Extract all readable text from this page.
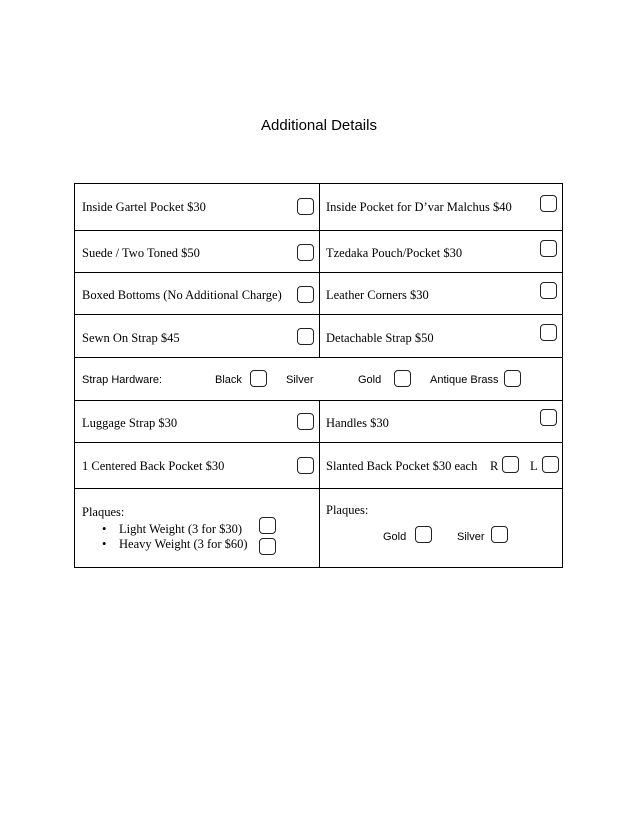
Additional Details
Inside Gartel Pocket $30	Inside Pocket for D’var Malchus $40
Suede / Two Toned $50	Tzedaka Pouch/Pocket $30
Boxed Bottoms (No Additional Charge)	Leather Corners $30
Sewn On Strap $45	Detachable Strap $50
Strap Hardware:	Black	Silver	Gold	Antique Brass
Luggage Strap $30	Handles $30
1 Centered Back Pocket $30	Slanted Back Pocket $30 each R	L
Plaques:
• Light Weight (3 for $30)
• Heavy Weight (3 for $60)
Plaques:
Gold	Silver
